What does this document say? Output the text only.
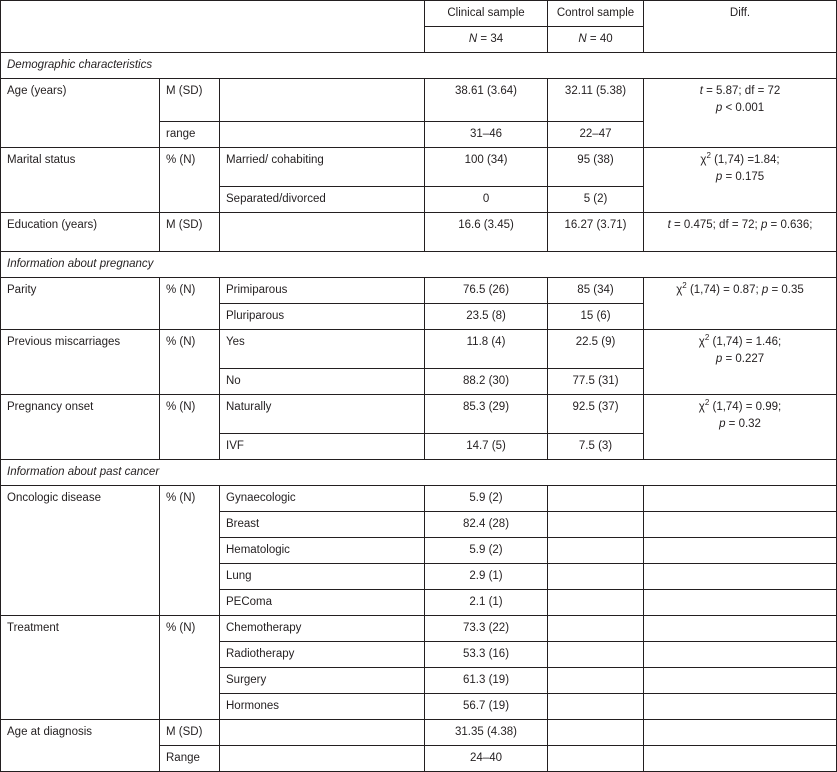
			Clinical sample	Control sample	Diff.
			N = 34	N = 40	
Demographic characteristics					
Age (years)	M (SD)		38.61 (3.64)	32.11 (5.38)	t = 5.87; df = 72
p < 0.001
	range		31–46	22–47	
Marital status	% (N)	Married/ cohabiting	100 (34)	95 (38)	$\chi^2$ (1,74) =1.84;
p = 0.175
		Separated/divorced	0	5 (2)	
Education (years)	M (SD)		16.6 (3.45)	16.27 (3.71)	t = 0.475; df = 72; p = 0.636;
Information about pregnancy					
Parity	% (N)	Primiparous	76.5 (26)	85 (34)	$\chi^2$ (1,74) = 0.87; p = 0.35
		Pluriparous	23.5 (8)	15 (6)	
Previous miscarriages	% (N)	Yes	11.8 (4)	22.5 (9)	$\chi^2$ (1,74) = 1.46;
p = 0.227
		No	88.2 (30)	77.5 (31)	
Pregnancy onset	% (N)	Naturally	85.3 (29)	92.5 (37)	$\chi^2$ (1,74) = 0.99;
p = 0.32
		IVF	14.7 (5)	7.5 (3)	
Information about past cancer					
Oncologic disease	% (N)	Gynaecologic	5.9 (2)		
		Breast	82.4 (28)		
		Hematologic	5.9 (2)		
		Lung	2.9 (1)		
		PEComa	2.1 (1)		
Treatment	% (N)	Chemotherapy	73.3 (22)		
		Radiotherapy	53.3 (16)		
		Surgery	61.3 (19)		
		Hormones	56.7 (19)		
Age at diagnosis	M (SD)		31.35 (4.38)		
	Range		24–40		
